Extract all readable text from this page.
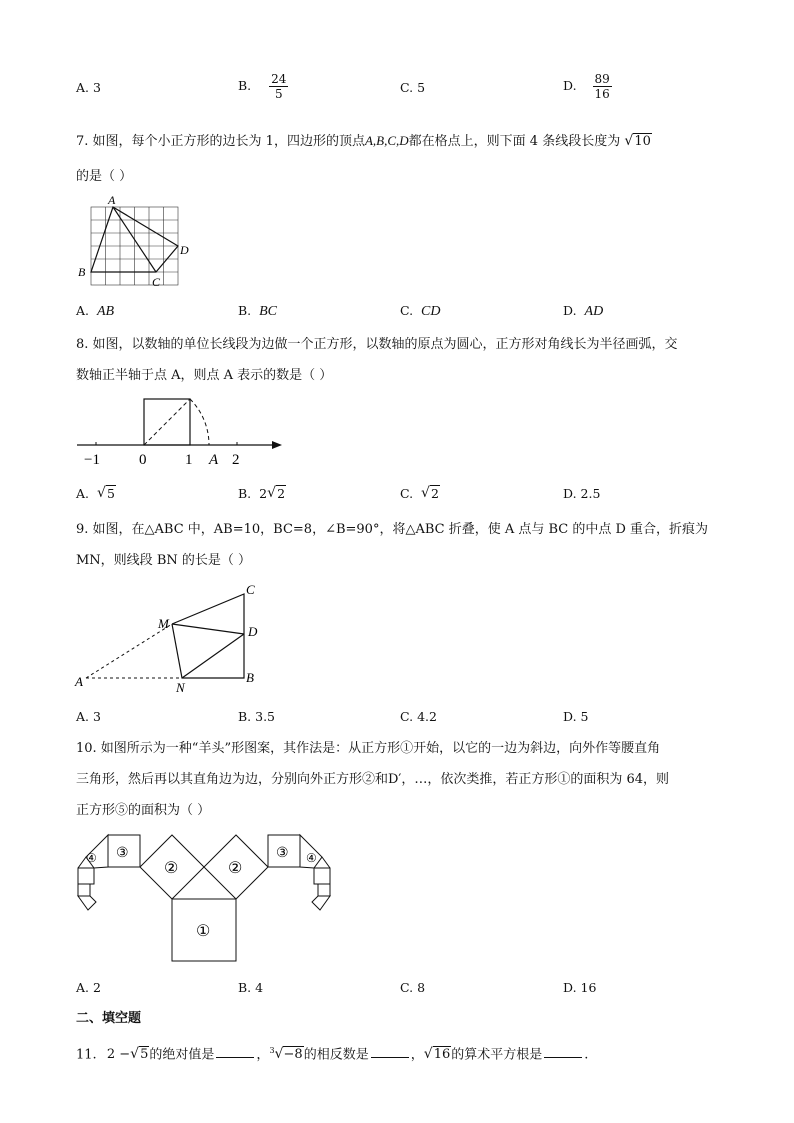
A. 3	B. $\frac{24}{5}$	C. 5	D. $\frac{89}{16}$
7. 如图，每个小正方形的边长为 1，四边形的顶点A,B,C,D都在格点上，则下面 4 条线段长度为 √ 10
的是（ ）
A
B
C
D
A. AB	B. BC	C. CD	D. AD
8. 如图，以数轴的单位长线段为边做一个正方形，以数轴的原点为圆心，正方形对角线长为半径画弧，交
数轴正半轴于点 A，则点 A 表示的数是（ ）
−1	0	1 A 2
A. √ 5	B. 2 √ 2	C. √ 2	D. 2.5
9. 如图，在△ABC 中，AB=10，BC=8，∠B=90°，将△ABC 折叠，使 A 点与 BC 的中点 D 重合，折痕为
MN，则线段 BN 的长是（ ）
A	B
C
D
M
N
A. 3	B. 3.5	C. 4.2	D. 5
10. 如图所示为一种“羊头”形图案，其作法是：从正方形①开始，以它的一边为斜边，向外作等腰直角
三角形，然后再以其直角边为边，分别向外正方形②和D′，…，依次类推，若正方形①的面积为 64，则
正方形⑤的面积为（ ）
①
②	②
③	③
④	④
A. 2	B. 4	C. 8	D. 16
二、填空题
11. 2 − √ 5的绝对值是	，$^3$ √ −8的相反数是	， √ 16的算术平方根是	.
